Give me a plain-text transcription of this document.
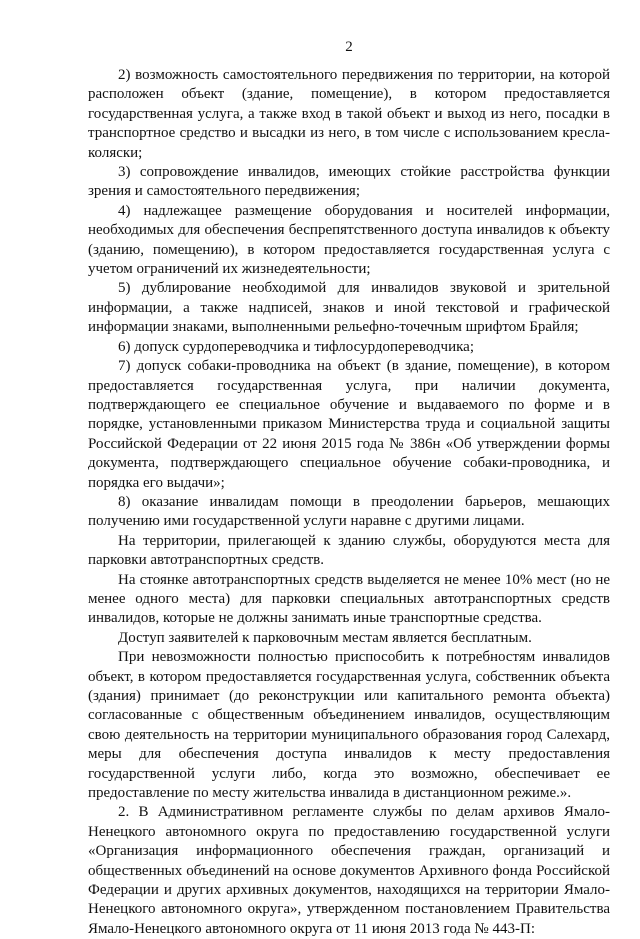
2

2) возможность самостоятельного передвижения по территории, на которой расположен объект (здание, помещение), в котором предоставляется государственная услуга, а также вход в такой объект и выход из него, посадки в транспортное средство и высадки из него, в том числе с использованием кресла-коляски;

3) сопровождение инвалидов, имеющих стойкие расстройства функции зрения и самостоятельного передвижения;

4) надлежащее размещение оборудования и носителей информации, необходимых для обеспечения беспрепятственного доступа инвалидов к объекту (зданию, помещению), в котором предоставляется государственная услуга с учетом ограничений их жизнедеятельности;

5) дублирование необходимой для инвалидов звуковой и зрительной информации, а также надписей, знаков и иной текстовой и графической информации знаками, выполненными рельефно-точечным шрифтом Брайля;

6) допуск сурдопереводчика и тифлосурдопереводчика;

7) допуск собаки-проводника на объект (в здание, помещение), в котором предоставляется государственная услуга, при наличии документа, подтверждающего ее специальное обучение и выдаваемого по форме и в порядке, установленными приказом Министерства труда и социальной защиты Российской Федерации от 22 июня 2015 года № 386н «Об утверждении формы документа, подтверждающего специальное обучение собаки-проводника, и порядка его выдачи»;

8) оказание инвалидам помощи в преодолении барьеров, мешающих получению ими государственной услуги наравне с другими лицами.

На территории, прилегающей к зданию службы, оборудуются места для парковки автотранспортных средств.

На стоянке автотранспортных средств выделяется не менее 10% мест (но не менее одного места) для парковки специальных автотранспортных средств инвалидов, которые не должны занимать иные транспортные средства.

Доступ заявителей к парковочным местам является бесплатным.

При невозможности полностью приспособить к потребностям инвалидов объект, в котором предоставляется государственная услуга, собственник объекта (здания) принимает (до реконструкции или капитального ремонта объекта) согласованные с общественным объединением инвалидов, осуществляющим свою деятельность на территории муниципального образования город Салехард, меры для обеспечения доступа инвалидов к месту предоставления государственной услуги либо, когда это возможно, обеспечивает ее предоставление по месту жительства инвалида в дистанционном режиме.».

2. В Административном регламенте службы по делам архивов Ямало-Ненецкого автономного округа по предоставлению государственной услуги «Организация информационного обеспечения граждан, организаций и общественных объединений на основе документов Архивного фонда Российской Федерации и других архивных документов, находящихся на территории Ямало-Ненецкого автономного округа», утвержденном постановлением Правительства Ямало-Ненецкого автономного округа от 11 июня 2013 года № 443-П:
